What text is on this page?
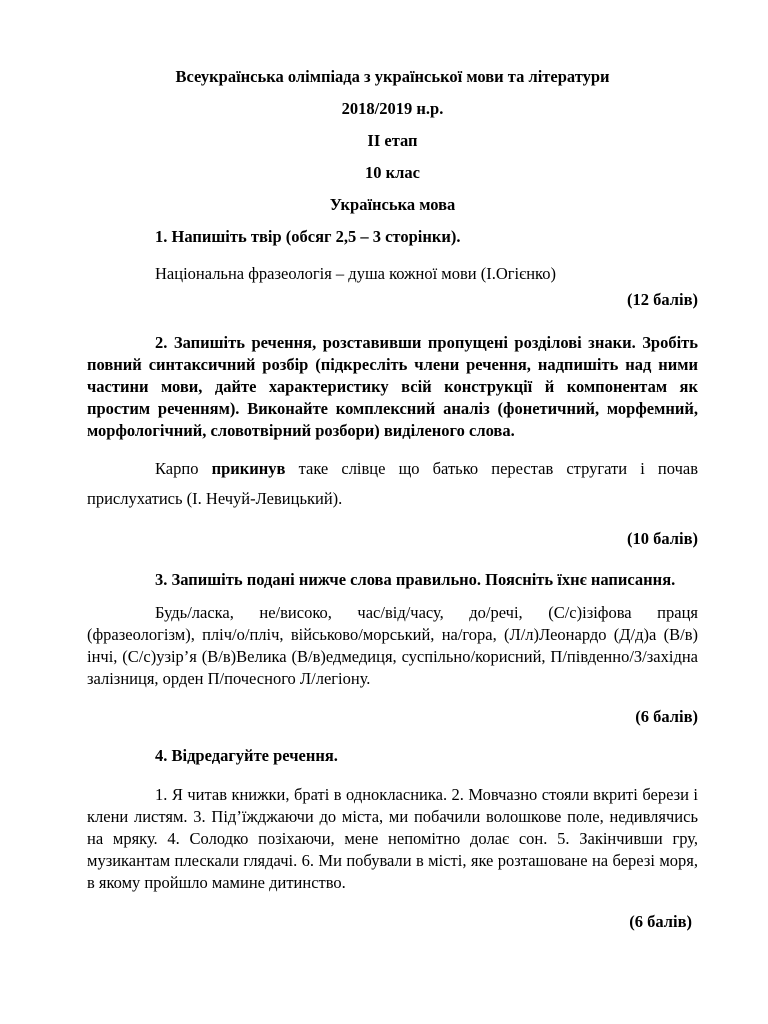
Всеукраїнська олімпіада з української мови та літератури

2018/2019 н.р.

ІІ етап

10 клас

Українська мова

1. Напишіть твір (обсяг 2,5 – 3 сторінки).

Національна фразеологія – душа кожної мови (І.Огієнко)

(12 балів)

2. Запишіть речення, розставивши пропущені розділові знаки. Зробіть повний синтаксичний розбір (підкресліть члени речення, надпишіть над ними частини мови, дайте характеристику всій конструкції й компонентам як простим реченням). Виконайте комплексний аналіз (фонетичний, морфемний, морфологічний, словотвірний розбори) виділеного слова.

Карпо прикинув таке слівце що батько перестав стругати і почав прислухатись (І. Нечуй-Левицький).

(10 балів)

3. Запишіть подані нижче слова правильно. Поясніть їхнє написання.

Будь/ласка, не/високо, час/від/часу, до/речі, (С/с)ізіфова праця (фразеологізм), пліч/о/пліч, військово/морський, на/гора, (Л/л)Леонардо (Д/д)а (В/в) інчі, (С/с)узір’я (В/в)Велика (В/в)едмедиця, суспільно/корисний, П/південно/З/західна залізниця, орден П/почесного Л/легіону.

(6 балів)

4. Відредагуйте речення.

1. Я читав книжки, браті в однокласника. 2. Мовчазно стояли вкриті берези і клени листям. 3. Під’їжджаючи до міста, ми побачили волошкове поле, недивлячись на мряку. 4. Солодко позіхаючи, мене непомітно долає сон. 5. Закінчивши гру, музикантам плескали глядачі. 6. Ми побували в місті, яке розташоване на березі моря, в якому пройшло мамине дитинство.

(6 балів)
